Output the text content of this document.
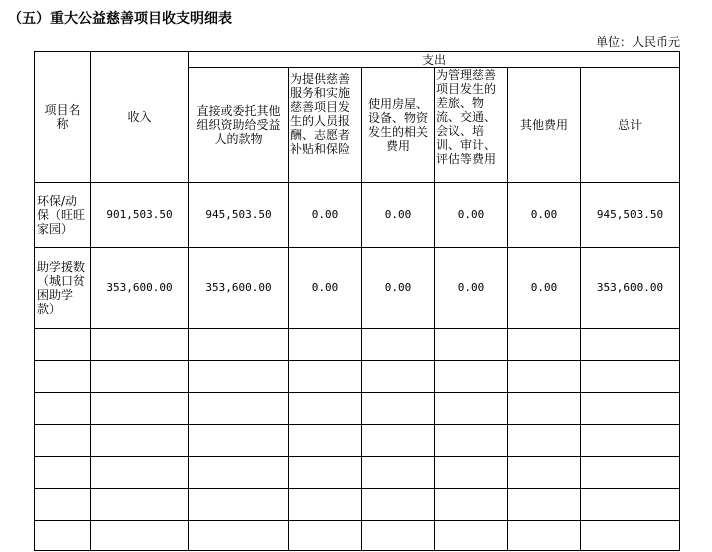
（五）重大公益慈善项目收支明细表
单位：人民币元
项目名称	收入	支出					
		直接或委托其他组织资助给受益人的款物	为提供慈善服务和实施慈善项目发生的人员报酬、志愿者补贴和保险	使用房屋、设备、物资发生的相关费用	为管理慈善项目发生的差旅、物流、交通、会议、培训、审计、评估等费用	其他费用	总计
环保/动保（旺旺家园）	901,503.50	945,503.50	0.00	0.00	0.00	0.00	945,503.50
助学援数（城口贫困助学款）	353,600.00	353,600.00	0.00	0.00	0.00	0.00	353,600.00
